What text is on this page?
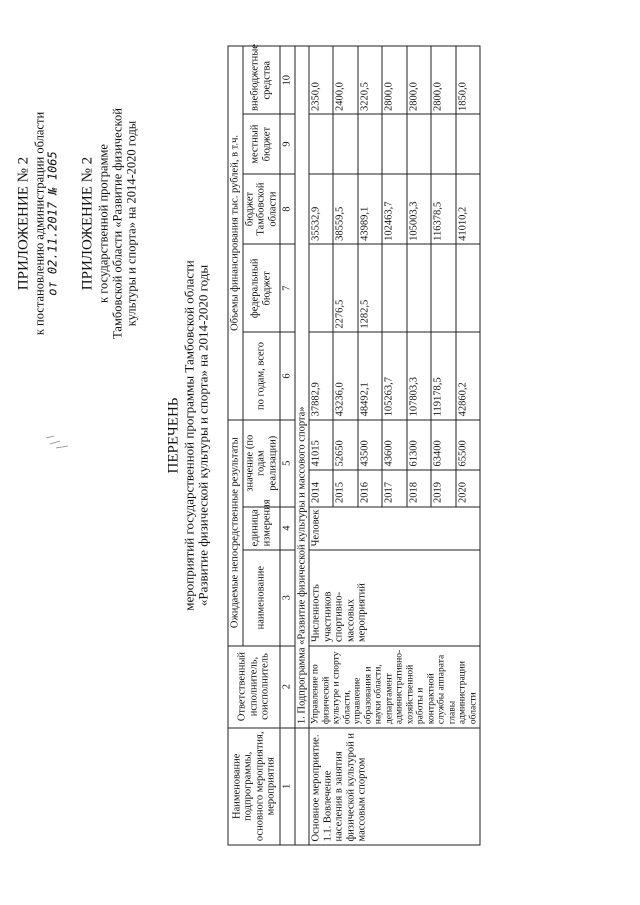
ПРИЛОЖЕНИЕ № 2 к постановлению администрации области от 02.11.2017 № 1065 ПРИЛОЖЕНИЕ № 2 к государственной программе Тамбовской области «Развитие физической культуры и спорта» на 2014-2020 годы
ПЕРЕЧЕНЬ мероприятий государственной программы Тамбовской области «Развитие физической культуры и спорта» на 2014-2020 годы
Наименование подпрограммы, основного мероприятия, мероприятия	Ответственный исполнитель, соисполнитель	Ожидаемые непосредственные результаты				Объемы финансирования тыс. рублей, в т.ч.				
		наименование	единица измерения	значение (по годам реализации)		по годам, всего	федеральный бюджет	бюджет Тамбовской области	местный бюджет	внебюджетные средства
1	2	3	4	5		6	7	8	9	10
	1. Подпрограмма «Развитие физической культуры и массового спорта»									
Основное мероприятие. 1.1. Вовлечение населения в занятия физической культурой и массовым спортом	Управление по физической культуре и спорту области, управление образования и науки области, департамент административно-хозяйственной работы и контрактной службы аппарата главы администрации области	Численность участников спортивно-массовых мероприятий	Человек	2014	41015	37882,9		35532,9		2350,0
				2015	52650	43236,0	2276,5	38559,5		2400,0
				2016	43500	48492,1	1282,5	43989,1		3220,5
				2017	43600	105263,7		102463,7		2800,0
				2018	61300	107803,3		105003,3		2800,0
				2019	63400	119178,5		116378,5		2800,0
				2020	65500	42860,2		41010,2		1850,0
